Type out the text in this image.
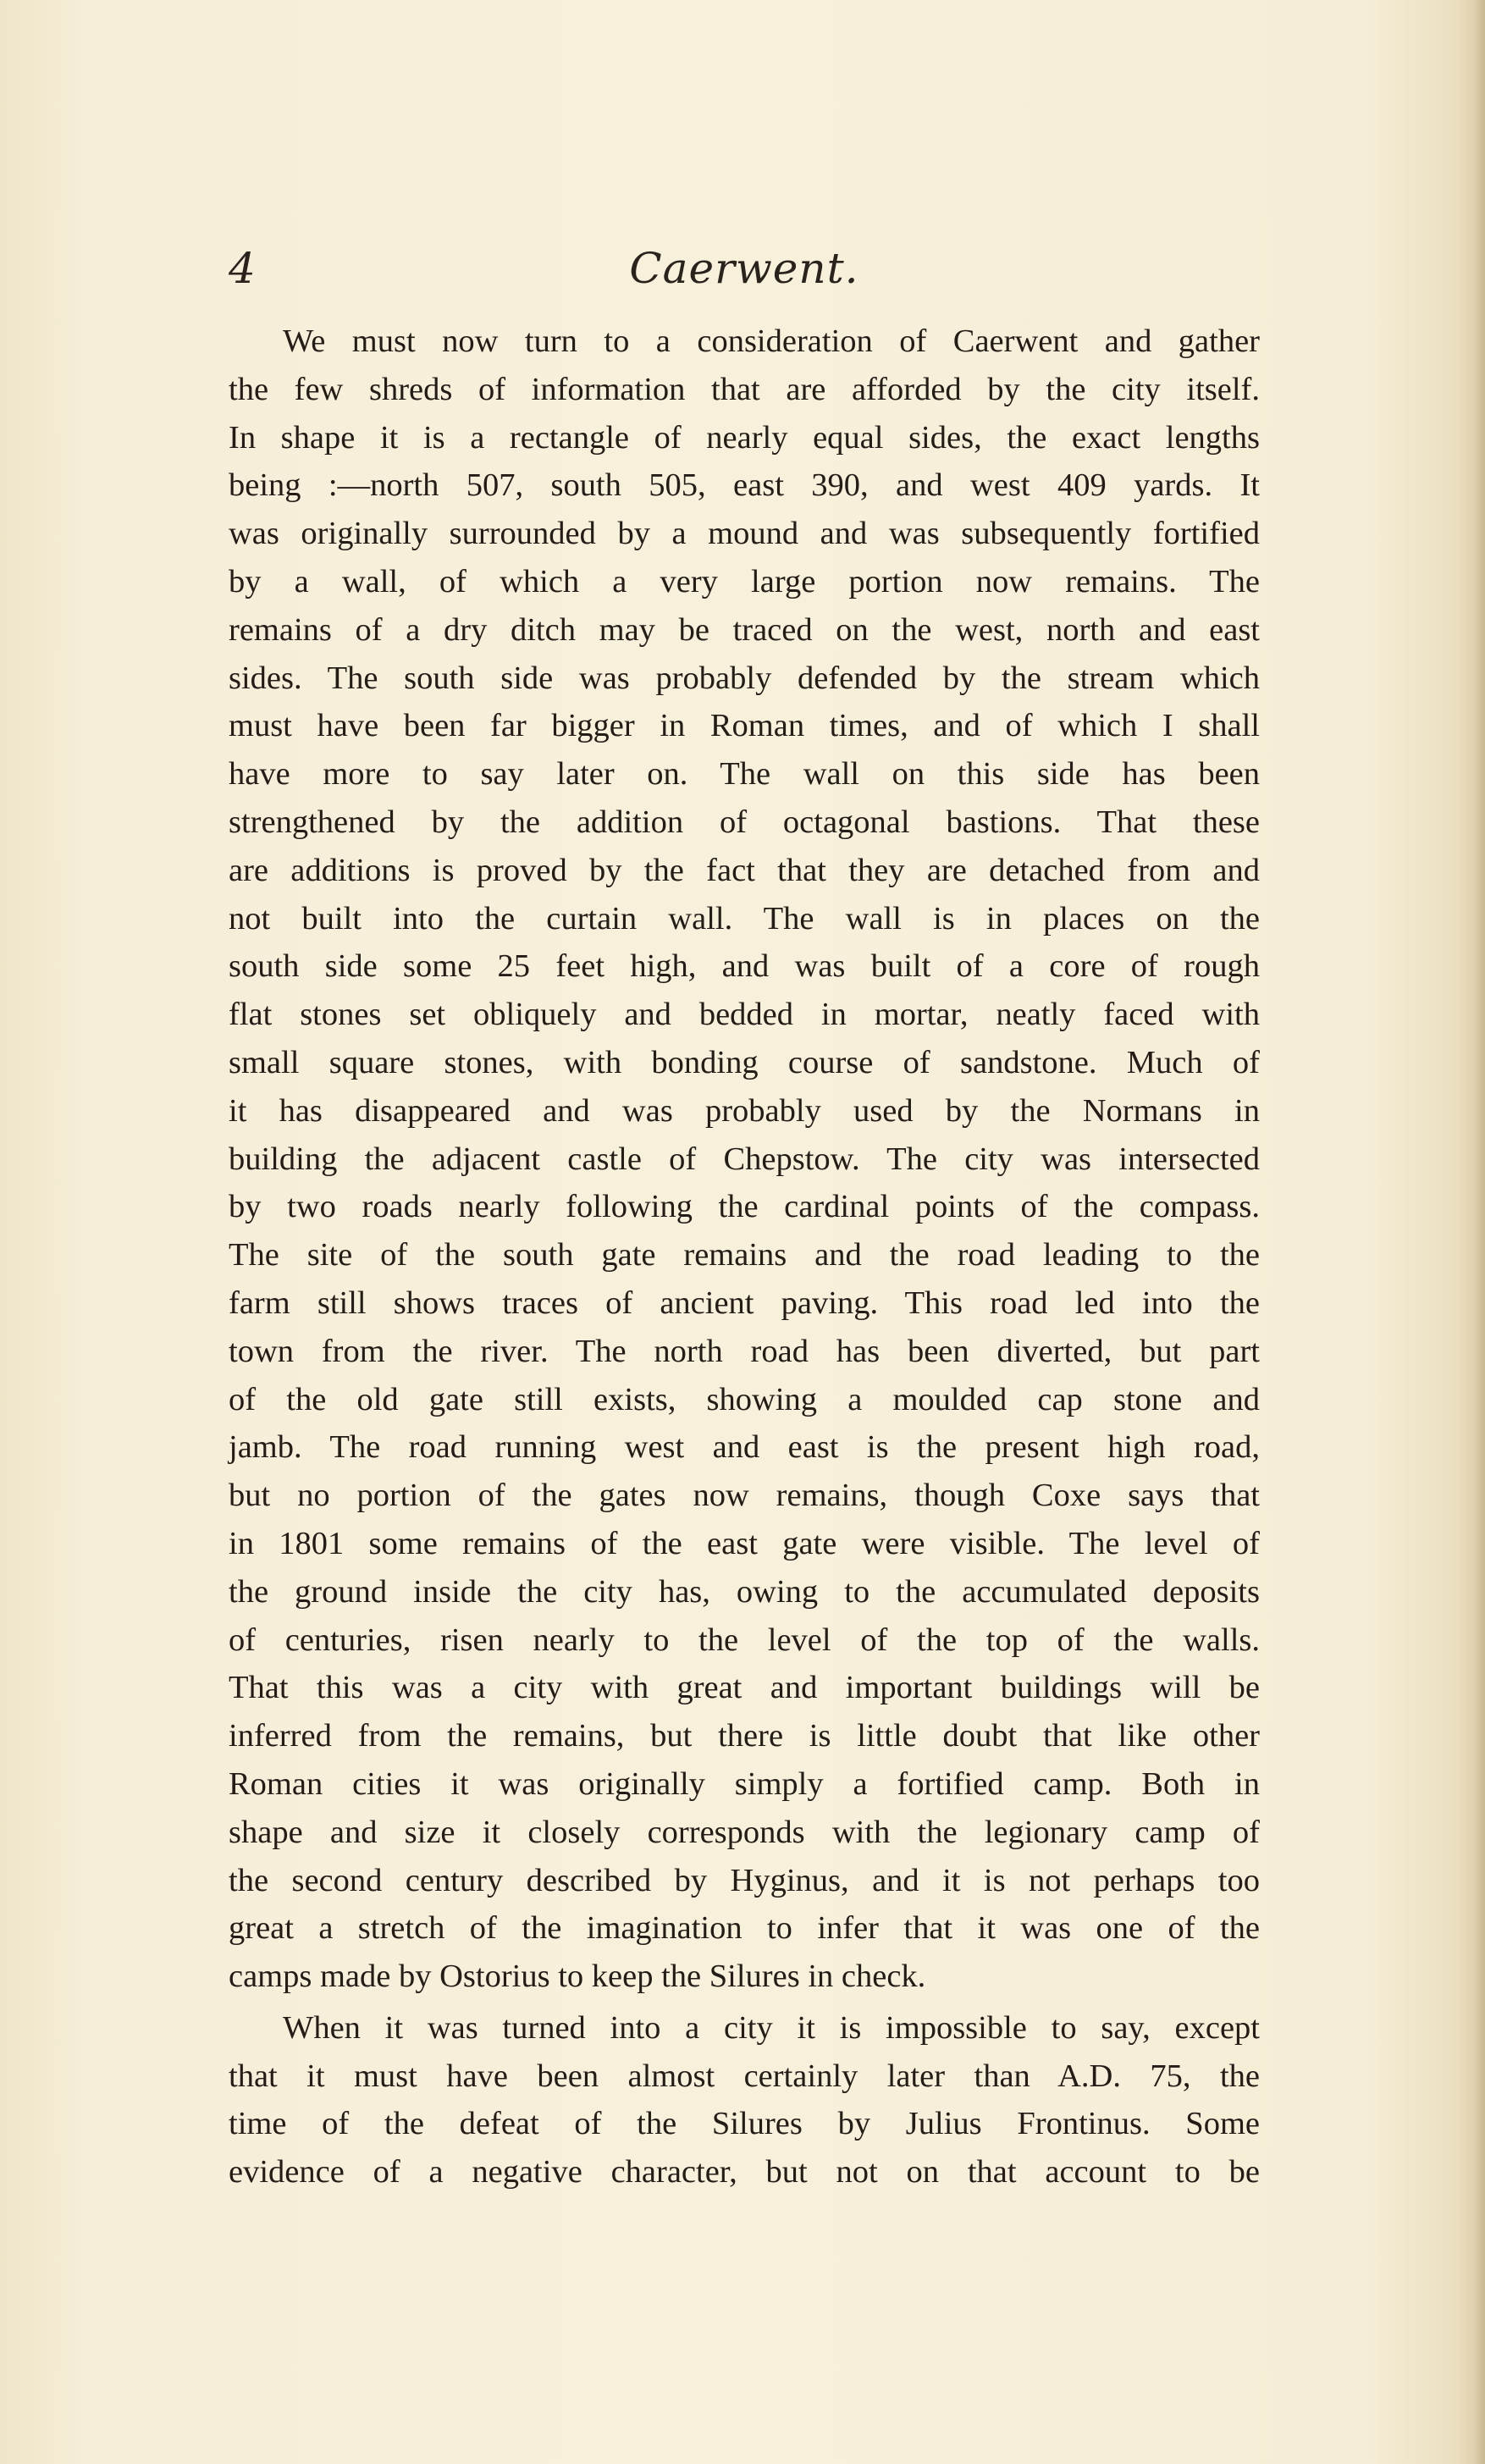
4	Caerwent.
We must now turn to a consideration of Caerwent and gather
the few shreds of information that are afforded by the city itself.
In shape it is a rectangle of nearly equal sides, the exact lengths
being :—north 507, south 505, east 390, and west 409 yards. It
was originally surrounded by a mound and was subsequently fortified
by a wall, of which a very large portion now remains. The
remains of a dry ditch may be traced on the west, north and east
sides. The south side was probably defended by the stream which
must have been far bigger in Roman times, and of which I shall
have more to say later on. The wall on this side has been
strengthened by the addition of octagonal bastions. That these
are additions is proved by the fact that they are detached from and
not built into the curtain wall. The wall is in places on the
south side some 25 feet high, and was built of a core of rough
flat stones set obliquely and bedded in mortar, neatly faced with
small square stones, with bonding course of sandstone. Much of
it has disappeared and was probably used by the Normans in
building the adjacent castle of Chepstow. The city was intersected
by two roads nearly following the cardinal points of the compass.
The site of the south gate remains and the road leading to the
farm still shows traces of ancient paving. This road led into the
town from the river. The north road has been diverted, but part
of the old gate still exists, showing a moulded cap stone and
jamb. The road running west and east is the present high road,
but no portion of the gates now remains, though Coxe says that
in 1801 some remains of the east gate were visible. The level of
the ground inside the city has, owing to the accumulated deposits
of centuries, risen nearly to the level of the top of the walls.
That this was a city with great and important buildings will be
inferred from the remains, but there is little doubt that like other
Roman cities it was originally simply a fortified camp. Both in
shape and size it closely corresponds with the legionary camp of
the second century described by Hyginus, and it is not perhaps too
great a stretch of the imagination to infer that it was one of the
camps made by Ostorius to keep the Silures in check.
When it was turned into a city it is impossible to say, except
that it must have been almost certainly later than A.D. 75, the
time of the defeat of the Silures by Julius Frontinus. Some
evidence of a negative character, but not on that account to be
